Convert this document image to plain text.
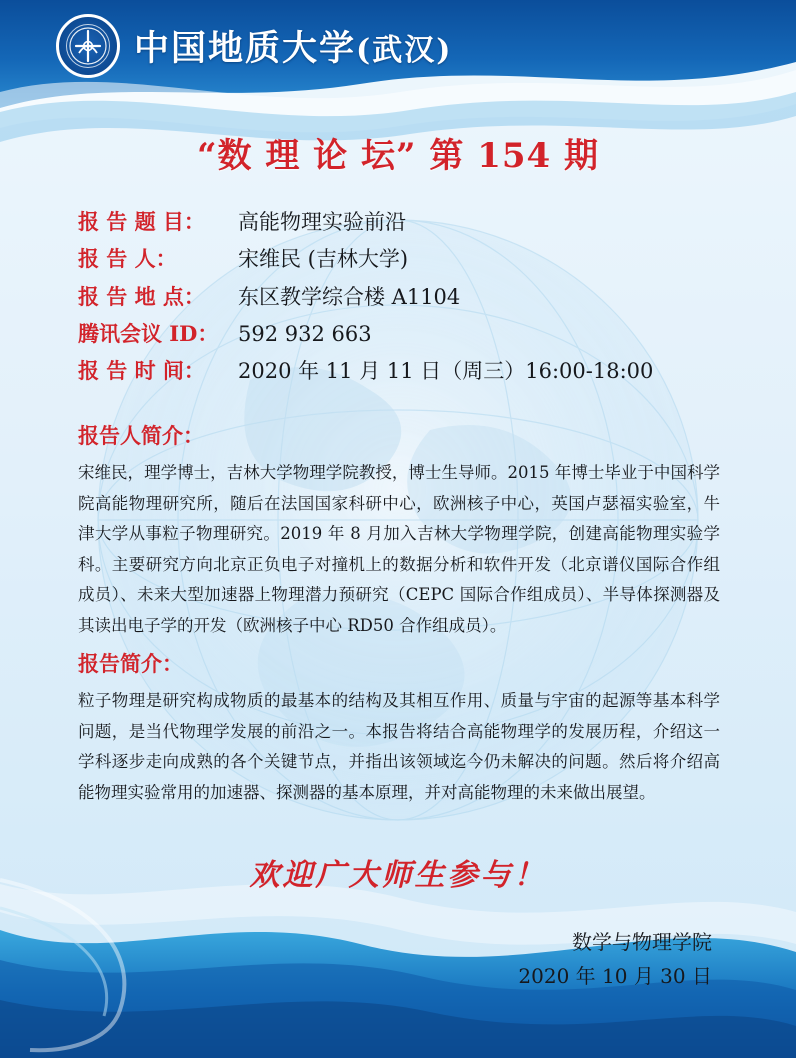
中国地质大学(武汉)
“数 理 论 坛” 第 154 期
报 告 题 目：	高能物理实验前沿
报 告 人：	宋维民 (吉林大学)
报 告 地 点：	东区教学综合楼 A1104
腾讯会议 ID： 592 932 663
报 告 时 间：	2020 年 11 月 11 日（周三）16:00-18:00
报告人简介：
宋维民，理学博士，吉林大学物理学院教授，博士生导师。2015 年博士毕业于中国科学院高能物理研究所，随后在法国国家科研中心，欧洲核子中心，英国卢瑟福实验室，牛津大学从事粒子物理研究。2019 年 8 月加入吉林大学物理学院，创建高能物理实验学科。主要研究方向北京正负电子对撞机上的数据分析和软件开发（北京谱仪国际合作组成员）、未来大型加速器上物理潜力预研究（CEPC 国际合作组成员）、半导体探测器及其读出电子学的开发（欧洲核子中心 RD50 合作组成员）。
报告简介：
粒子物理是研究构成物质的最基本的结构及其相互作用、质量与宇宙的起源等基本科学问题，是当代物理学发展的前沿之一。本报告将结合高能物理学的发展历程，介绍这一学科逐步走向成熟的各个关键节点，并指出该领域迄今仍未解决的问题。然后将介绍高能物理实验常用的加速器、探测器的基本原理，并对高能物理的未来做出展望。
欢迎广大师生参与！
数学与物理学院
2020 年 10 月 30 日
